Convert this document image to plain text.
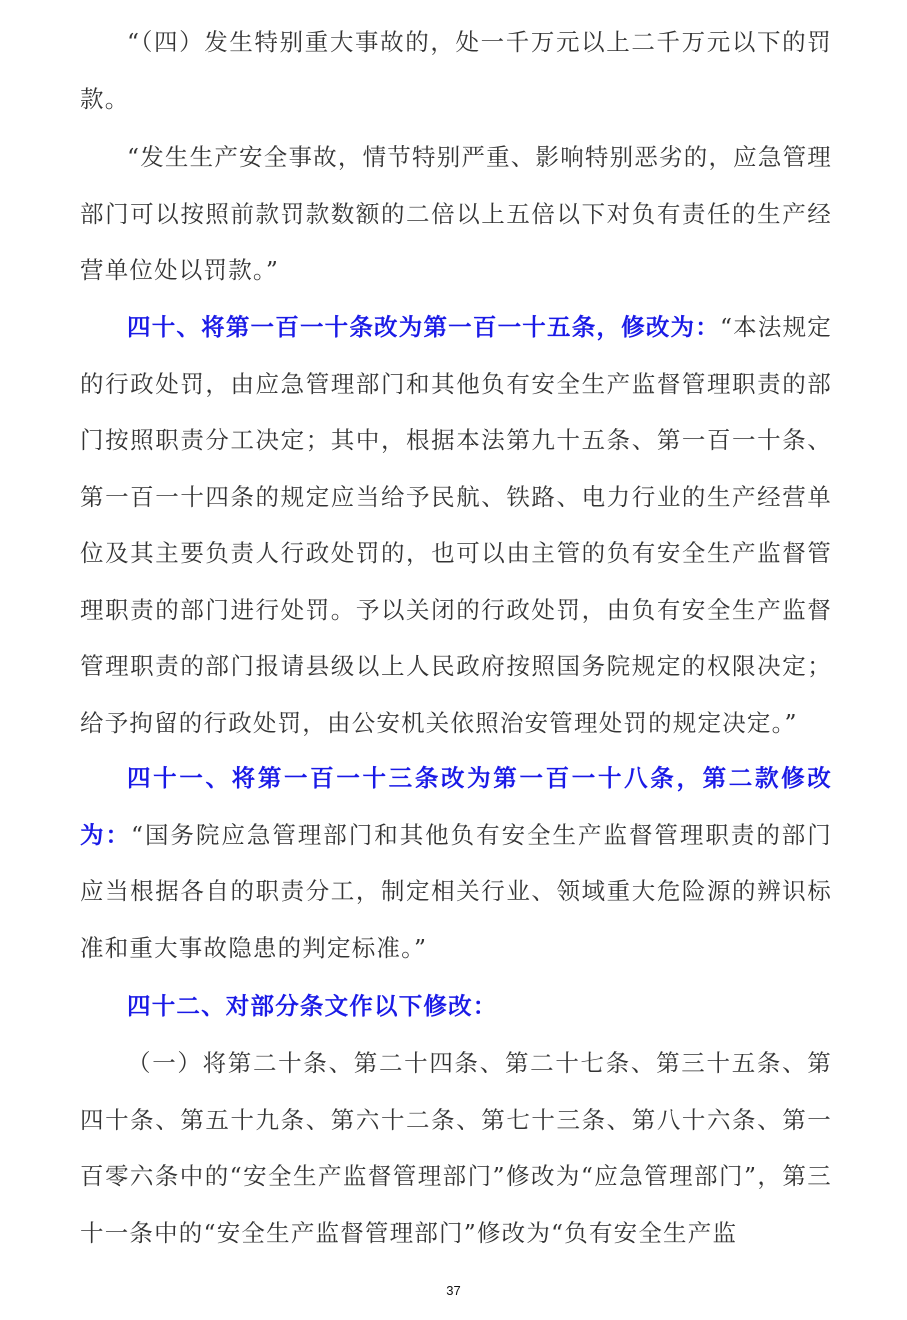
“（四）发生特别重大事故的，处一千万元以上二千万元以下的罚款。

“发生生产安全事故，情节特别严重、影响特别恶劣的，应急管理部门可以按照前款罚款数额的二倍以上五倍以下对负有责任的生产经营单位处以罚款。”

四十、将第一百一十条改为第一百一十五条，修改为：“本法规定的行政处罚，由应急管理部门和其他负有安全生产监督管理职责的部门按照职责分工决定；其中，根据本法第九十五条、第一百一十条、第一百一十四条的规定应当给予民航、铁路、电力行业的生产经营单位及其主要负责人行政处罚的，也可以由主管的负有安全生产监督管理职责的部门进行处罚。予以关闭的行政处罚，由负有安全生产监督管理职责的部门报请县级以上人民政府按照国务院规定的权限决定；给予拘留的行政处罚，由公安机关依照治安管理处罚的规定决定。”

四十一、将第一百一十三条改为第一百一十八条，第二款修改为：“国务院应急管理部门和其他负有安全生产监督管理职责的部门应当根据各自的职责分工，制定相关行业、领域重大危险源的辨识标准和重大事故隐患的判定标准。”

四十二、对部分条文作以下修改：

（一）将第二十条、第二十四条、第二十七条、第三十五条、第四十条、第五十九条、第六十二条、第七十三条、第八十六条、第一百零六条中的“安全生产监督管理部门”修改为“应急管理部门”，第三十一条中的“安全生产监督管理部门”修改为“负有安全生产监

37
